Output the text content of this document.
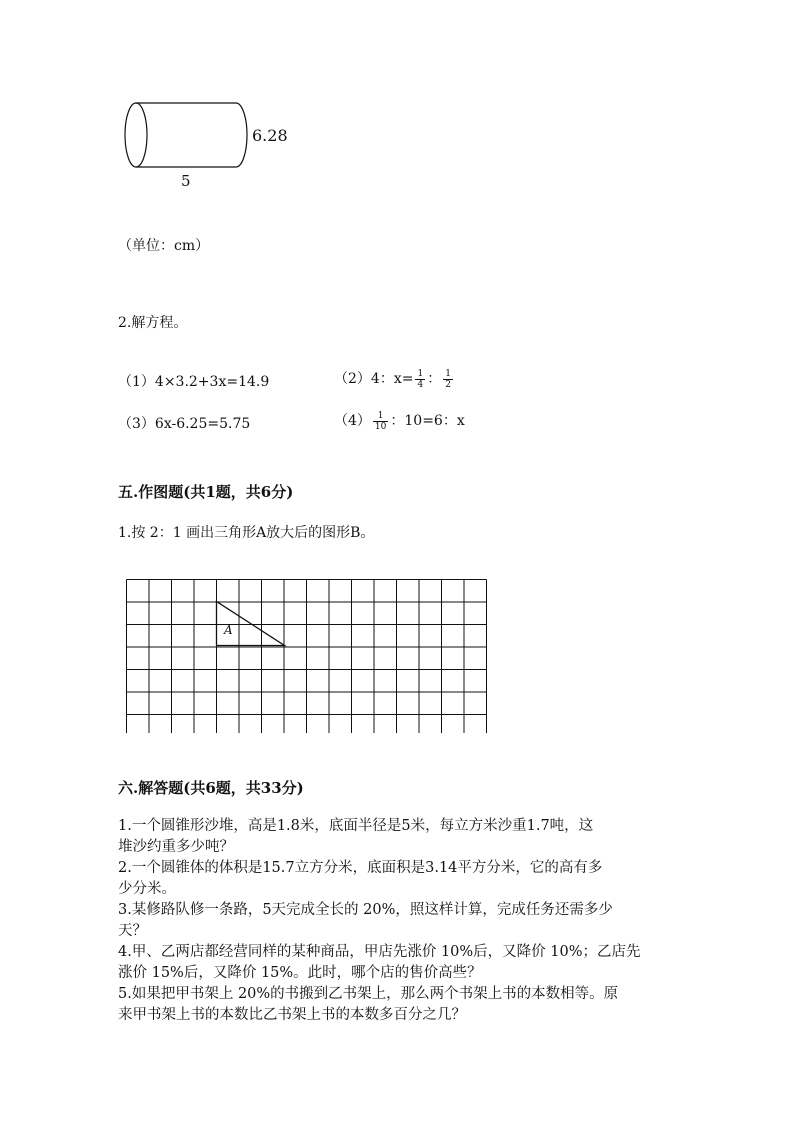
6.28
5
（单位：cm）
2.解方程。
（1）4×3.2+3x=14.9	（2）4：$x= \frac{1}{4}$ ： $\frac{1}{2}$
（3）6x-6.25=5.75	$(4) \frac{1}{10}$ ：10=6：x
五.作图题(共1题，共6分)
1.按 2：1 画出三角形A放大后的图形B。
A
六.解答题(共6题，共33分)
1.一个圆锥形沙堆，高是1.8米，底面半径是5米，每立方米沙重1.7吨，这
堆沙约重多少吨？
2.一个圆锥体的体积是15.7立方分米，底面积是3.14平方分米，它的高有多
少分米。
3.某修路队修一条路，5天完成全长的 20%，照这样计算，完成任务还需多少
天？
4.甲、乙两店都经营同样的某种商品，甲店先涨价 10%后，又降价 10%；乙店先
涨价 15%后，又降价 15%。此时，哪个店的售价高些？
5.如果把甲书架上 20%的书搬到乙书架上，那么两个书架上书的本数相等。原
来甲书架上书的本数比乙书架上书的本数多百分之几？
